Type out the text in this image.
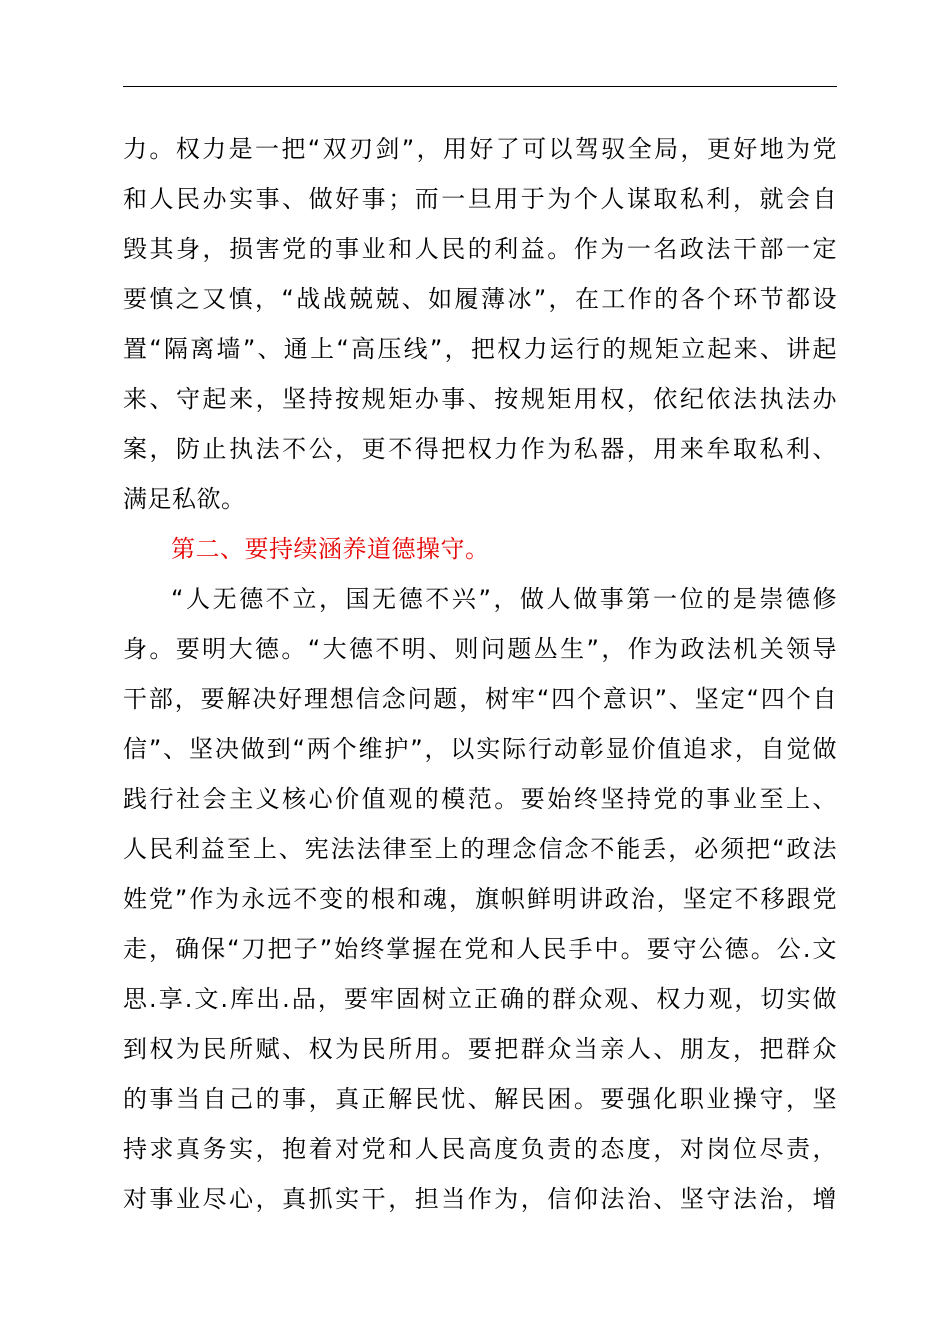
力。权力是一把“双刃剑”，用好了可以驾驭全局，更好地为党
和人民办实事、做好事；而一旦用于为个人谋取私利，就会自
毁其身，损害党的事业和人民的利益。作为一名政法干部一定
要慎之又慎，“战战兢兢、如履薄冰”，在工作的各个环节都设
置“隔离墙”、通上“高压线”，把权力运行的规矩立起来、讲起
来、守起来，坚持按规矩办事、按规矩用权，依纪依法执法办
案，防止执法不公，更不得把权力作为私器，用来牟取私利、
满足私欲。
第二、要持续涵养道德操守。
“人无德不立，国无德不兴”，做人做事第一位的是崇德修
身。要明大德。“大德不明、则问题丛生”，作为政法机关领导
干部，要解决好理想信念问题，树牢“四个意识”、坚定“四个自
信”、坚决做到“两个维护”，以实际行动彰显价值追求，自觉做
践行社会主义核心价值观的模范。要始终坚持党的事业至上、
人民利益至上、宪法法律至上的理念信念不能丢，必须把“政法
姓党”作为永远不变的根和魂，旗帜鲜明讲政治，坚定不移跟党
走，确保“刀把子”始终掌握在党和人民手中。要守公德。公.文
思.享.文.库出.品，要牢固树立正确的群众观、权力观，切实做
到权为民所赋、权为民所用。要把群众当亲人、朋友，把群众
的事当自己的事，真正解民忧、解民困。要强化职业操守，坚
持求真务实，抱着对党和人民高度负责的态度，对岗位尽责，
对事业尽心，真抓实干，担当作为，信仰法治、坚守法治，增
